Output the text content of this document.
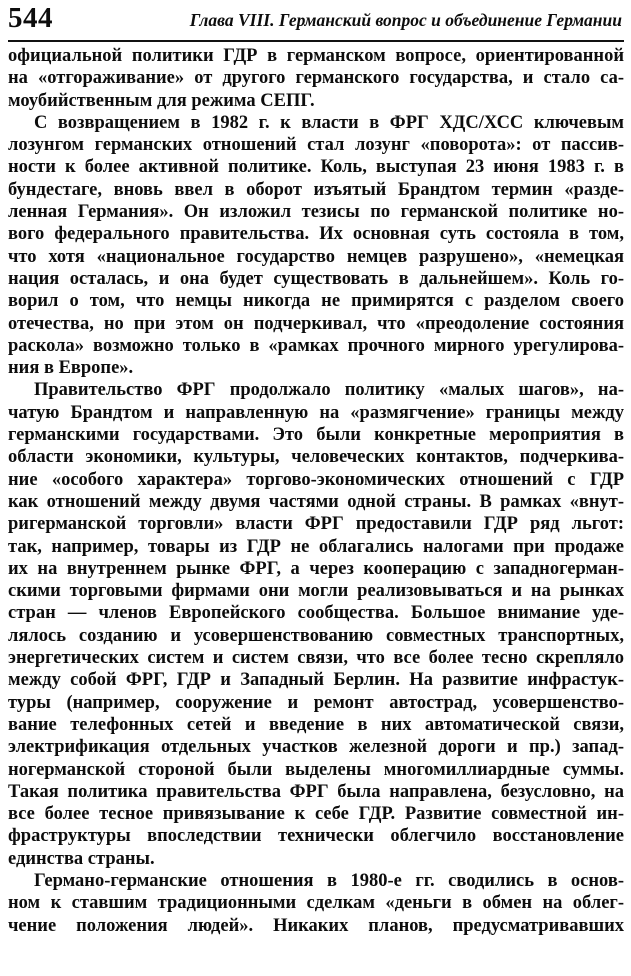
544	Глава VIII. Германский вопрос и объединение Германии
официальной политики ГДР в германском вопросе, ориентированной
на «отгораживание» от другого германского государства, и стало са-
моубийственным для режима СЕПГ.
С возвращением в 1982 г. к власти в ФРГ ХДС/ХСС ключевым
лозунгом германских отношений стал лозунг «поворота»: от пассив-
ности к более активной политике. Коль, выступая 23 июня 1983 г. в
бундестаге, вновь ввел в оборот изъятый Брандтом термин «разде-
ленная Германия». Он изложил тезисы по германской политике но-
вого федерального правительства. Их основная суть состояла в том,
что хотя «национальное государство немцев разрушено», «немецкая
нация осталась, и она будет существовать в дальнейшем». Коль го-
ворил о том, что немцы никогда не примирятся с разделом своего
отечества, но при этом он подчеркивал, что «преодоление состояния
раскола» возможно только в «рамках прочного мирного урегулирова-
ния в Европе».
Правительство ФРГ продолжало политику «малых шагов», на-
чатую Брандтом и направленную на «размягчение» границы между
германскими государствами. Это были конкретные мероприятия в
области экономики, культуры, человеческих контактов, подчеркива-
ние «особого характера» торгово-экономических отношений с ГДР
как отношений между двумя частями одной страны. В рамках «внут-
ригерманской торговли» власти ФРГ предоставили ГДР ряд льгот:
так, например, товары из ГДР не облагались налогами при продаже
их на внутреннем рынке ФРГ, а через кооперацию с западногерман-
скими торговыми фирмами они могли реализовываться и на рынках
стран — членов Европейского сообщества. Большое внимание уде-
лялось созданию и усовершенствованию совместных транспортных,
энергетических систем и систем связи, что все более тесно скрепляло
между собой ФРГ, ГДР и Западный Берлин. На развитие инфрастук-
туры (например, сооружение и ремонт автострад, усовершенство-
вание телефонных сетей и введение в них автоматической связи,
электрификация отдельных участков железной дороги и пр.) запад-
ногерманской стороной были выделены многомиллиардные суммы.
Такая политика правительства ФРГ была направлена, безусловно, на
все более тесное привязывание к себе ГДР. Развитие совместной ин-
фраструктуры впоследствии технически облегчило восстановление
единства страны.
Германо-германские отношения в 1980-е гг. сводились в основ-
ном к ставшим традиционными сделкам «деньги в обмен на облег-
чение положения людей». Никаких планов, предусматривавших
